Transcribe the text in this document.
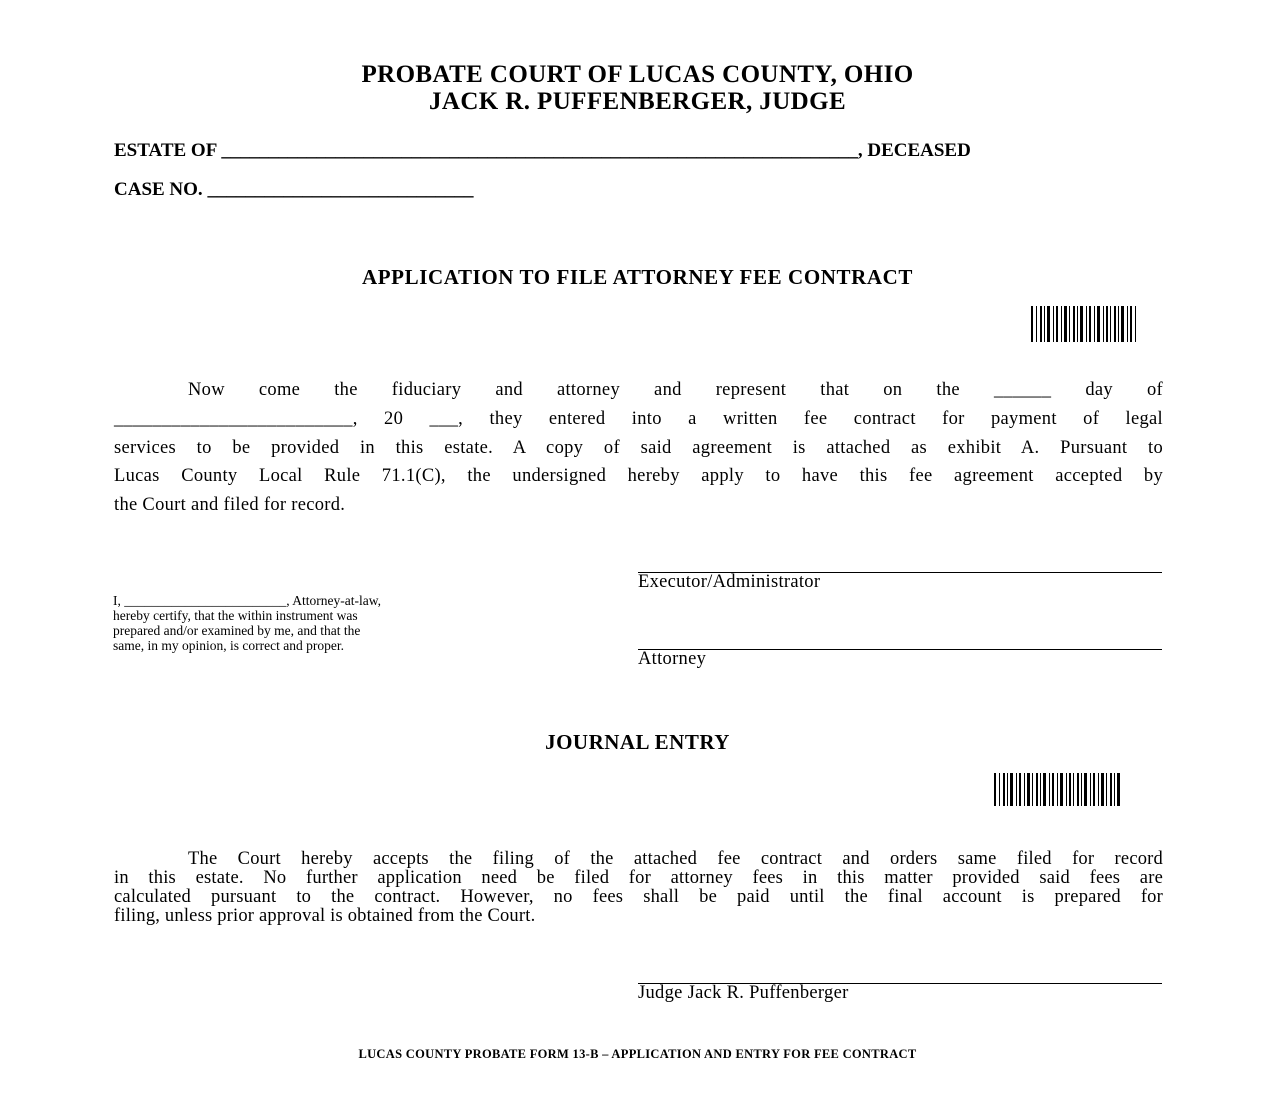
PROBATE COURT OF LUCAS COUNTY, OHIO
JACK R. PUFFENBERGER, JUDGE
ESTATE OF ___________________________________________________________________, DECEASED
CASE NO. ____________________________
APPLICATION TO FILE ATTORNEY FEE CONTRACT
Now come the fiduciary and attorney and represent that on the ______ day of
_________________________, 20 ___, they entered into a written fee contract for payment of legal
services to be provided in this estate. A copy of said agreement is attached as exhibit A. Pursuant to
Lucas County Local Rule 71.1(C), the undersigned hereby apply to have this fee agreement accepted by
the Court and filed for record.
Executor/Administrator
I, ________________________, Attorney-at-law,
hereby certify, that the within instrument was
prepared and/or examined by me, and that the
same, in my opinion, is correct and proper.
Attorney
JOURNAL ENTRY
The Court hereby accepts the filing of the attached fee contract and orders same filed for record
in this estate. No further application need be filed for attorney fees in this matter provided said fees are
calculated pursuant to the contract. However, no fees shall be paid until the final account is prepared for
filing, unless prior approval is obtained from the Court.
Judge Jack R. Puffenberger
LUCAS COUNTY PROBATE FORM 13-B – APPLICATION AND ENTRY FOR FEE CONTRACT
